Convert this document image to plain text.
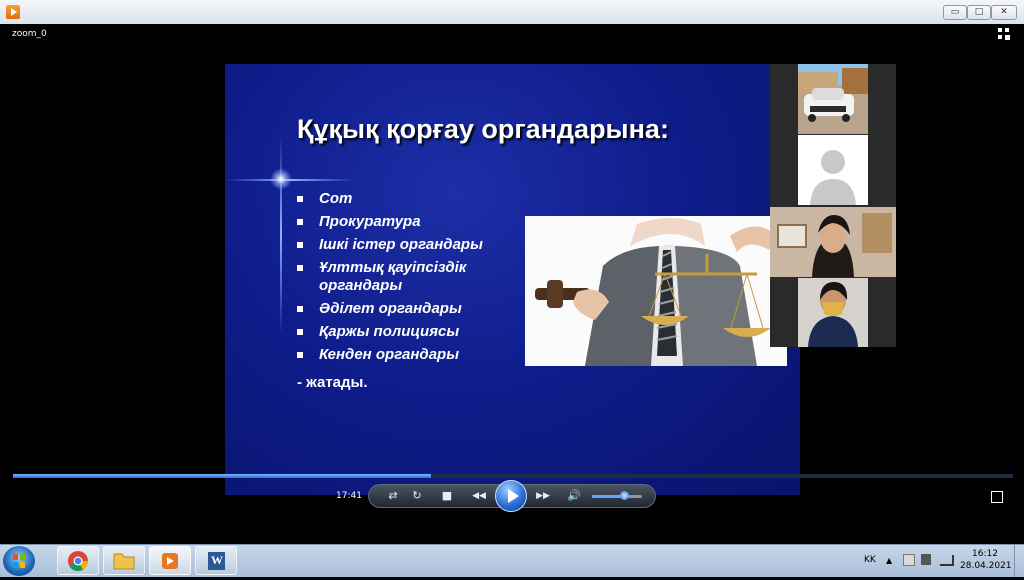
▭	□	✕
zoom_0
Құқық қорғау органдарына:
Сот
Прокуратура
Ішкі істер органдары
Ұлттық қауіпсіздік органдары
Әділет органдары
Қаржы полициясы
Кенден органдары
- жатады.
17:41 ⇄ ↻ ■	◀◀	▶▶	🔊
W	KK ▲
16:12
28.04.2021
